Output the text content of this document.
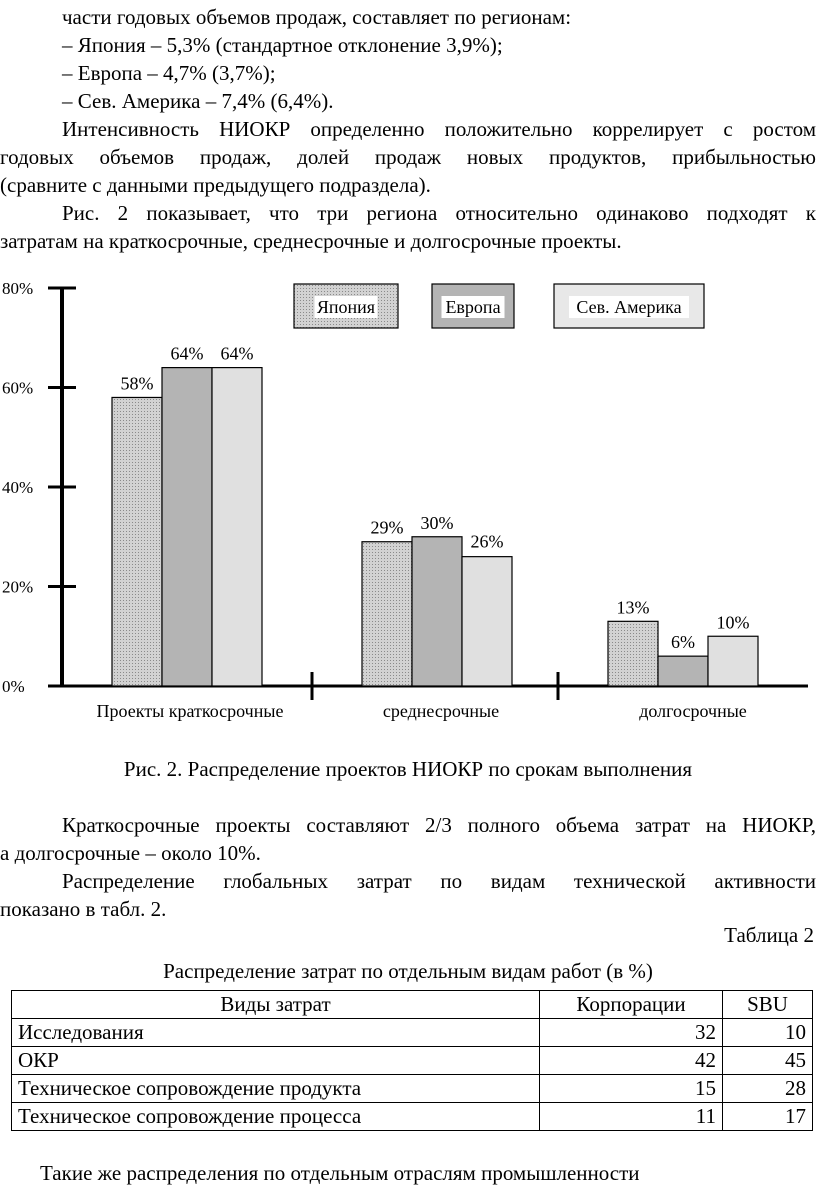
части годовых объемов продаж, составляет по регионам:
– Япония – 5,3% (стандартное отклонение 3,9%);
– Европа – 4,7% (3,7%);
– Сев. Америка – 7,4% (6,4%).
Интенсивность НИОКР определенно положительно коррелирует с ростом
годовых объемов продаж, долей продаж новых продуктов, прибыльностью
(сравните с данными предыдущего подраздела).
Рис. 2 показывает, что три региона относительно одинаково подходят к
затратам на краткосрочные, среднесрочные и долгосрочные проекты.
0%
20%
40%
60%
80%
58%
64% 64%
29% 30%
26%
13%
6%
10%
Проекты краткосрочные	среднесрочные	долгосрочные
Япония	Европа	Сев. Америка
Рис. 2. Распределение проектов НИОКР по срокам выполнения
Краткосрочные проекты составляют 2/3 полного объема затрат на НИОКР,
а долгосрочные – около 10%.
Распределение глобальных затрат по видам технической активности
показано в табл. 2.
Таблица 2
Распределение затрат по отдельным видам работ (в %)
Виды затрат	Корпорации	SBU
Исследования	32	10
ОКР	42	45
Техническое сопровождение продукта	15	28
Техническое сопровождение процесса	11	17
Такие же распределения по отдельным отраслям промышленности
